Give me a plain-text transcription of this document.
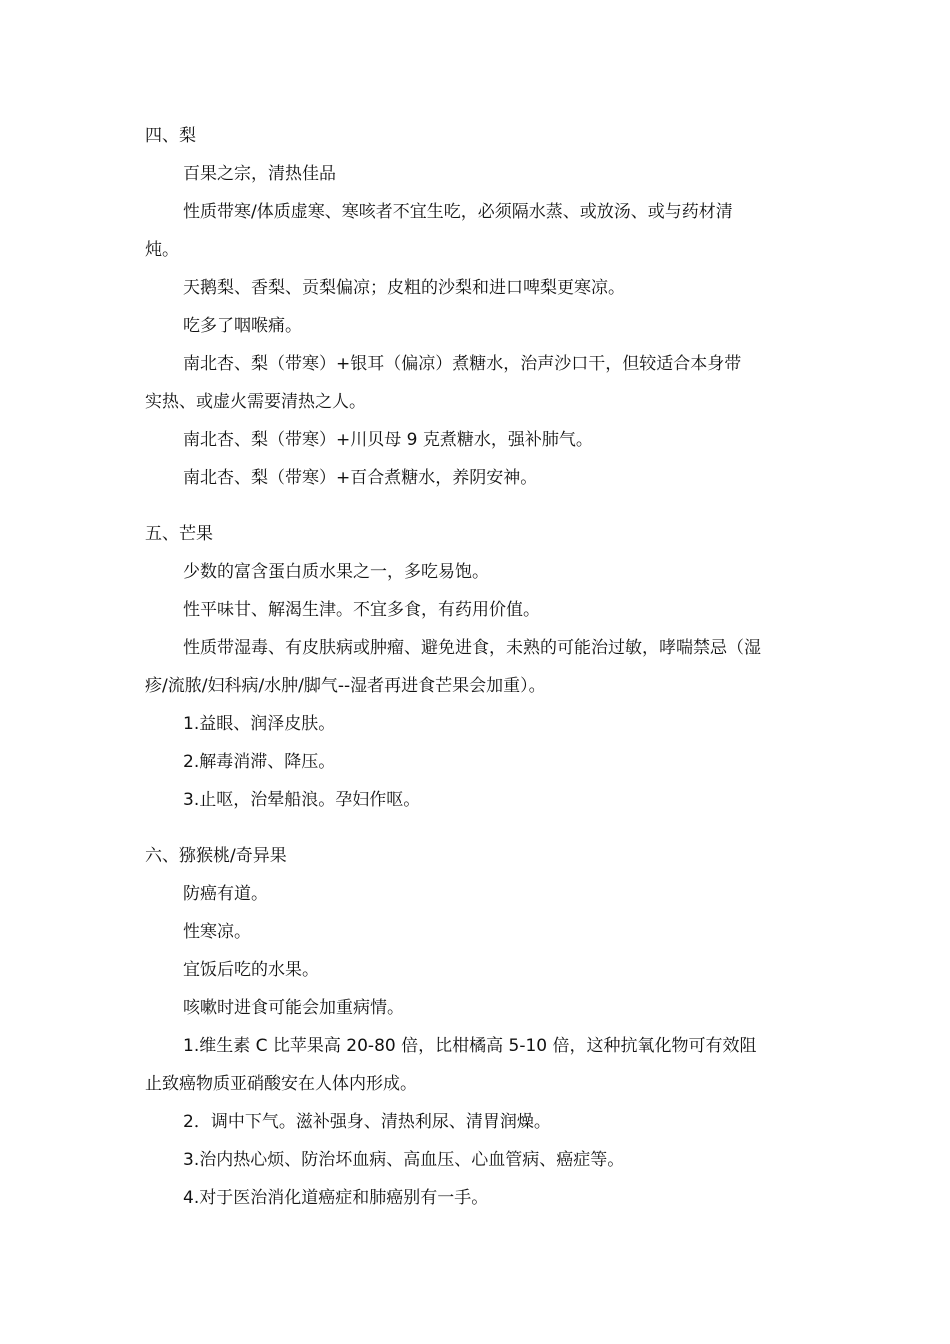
四、梨
百果之宗，清热佳品
性质带寒/体质虚寒、寒咳者不宜生吃，必须隔水蒸、或放汤、或与药材清
炖。
天鹅梨、香梨、贡梨偏凉；皮粗的沙梨和进口啤梨更寒凉。
吃多了咽喉痛。
南北杏、梨（带寒）+银耳（偏凉）煮糖水，治声沙口干，但较适合本身带
实热、或虚火需要清热之人。
南北杏、梨（带寒）+川贝母 9 克煮糖水，强补肺气。
南北杏、梨（带寒）+百合煮糖水，养阴安神。
五、芒果
少数的富含蛋白质水果之一，多吃易饱。
性平味甘、解渴生津。不宜多食，有药用价值。
性质带湿毒、有皮肤病或肿瘤、避免进食，未熟的可能治过敏，哮喘禁忌（湿
疹/流脓/妇科病/水肿/脚气--湿者再进食芒果会加重）。
1.益眼、润泽皮肤。
2.解毒消滞、降压。
3.止呕，治晕船浪。孕妇作呕。
六、猕猴桃/奇异果
防癌有道。
性寒凉。
宜饭后吃的水果。
咳嗽时进食可能会加重病情。
1.维生素 C 比苹果高 20-80 倍，比柑橘高 5-10 倍，这种抗氧化物可有效阻
止致癌物质亚硝酸安在人体内形成。
2．调中下气。滋补强身、清热利尿、清胃润燥。
3.治内热心烦、防治坏血病、高血压、心血管病、癌症等。
4.对于医治消化道癌症和肺癌别有一手。
